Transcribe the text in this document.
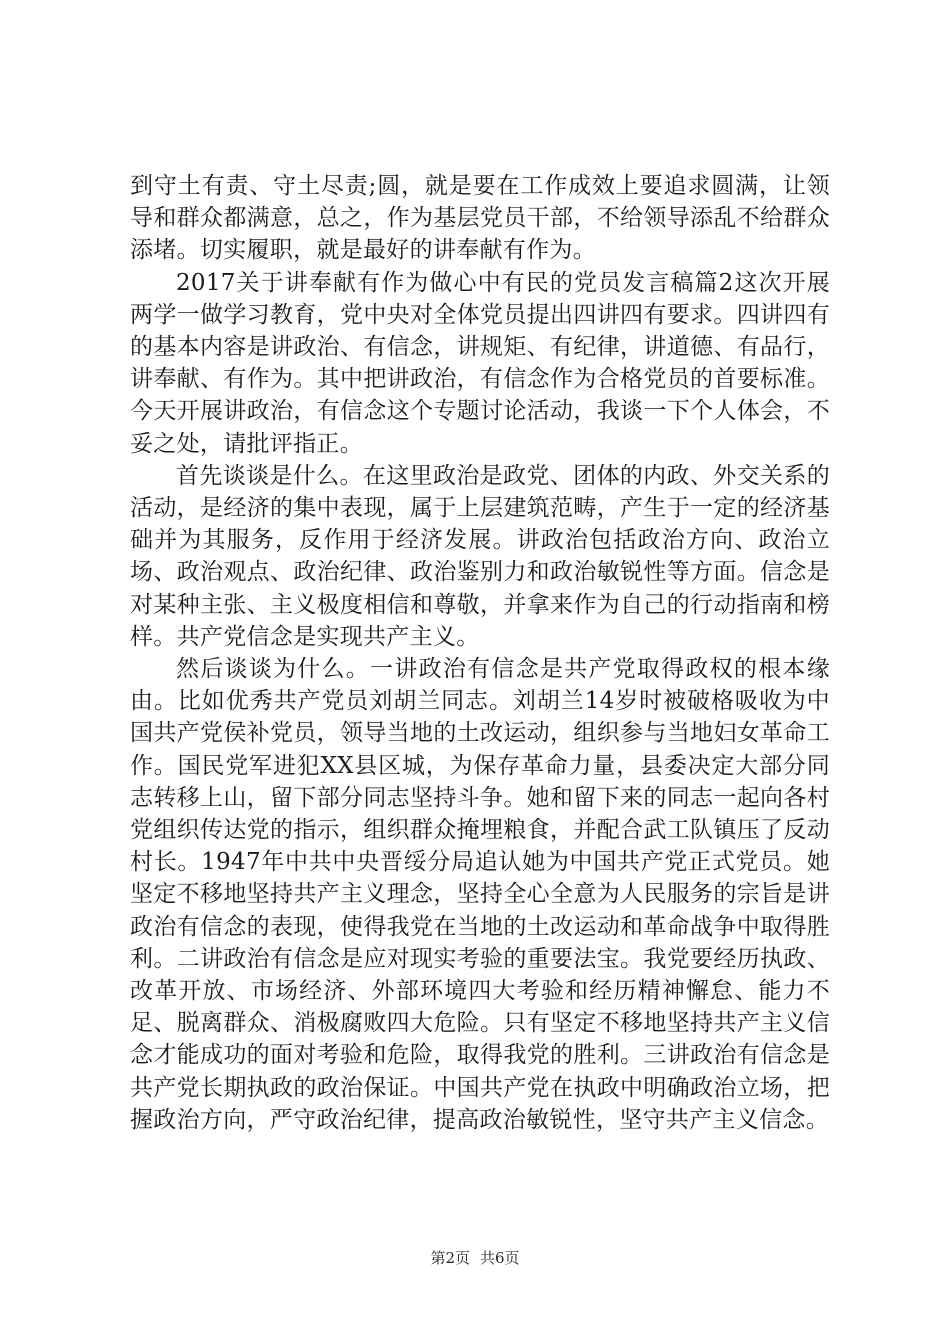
到守土有责、守土尽责;圆，就是要在工作成效上要追求圆满，让领导和群众都满意，总之，作为基层党员干部，不给领导添乱不给群众添堵。切实履职，就是最好的讲奉献有作为。

2017关于讲奉献有作为做心中有民的党员发言稿篇2这次开展两学一做学习教育，党中央对全体党员提出四讲四有要求。四讲四有的基本内容是讲政治、有信念，讲规矩、有纪律，讲道德、有品行，讲奉献、有作为。其中把讲政治，有信念作为合格党员的首要标准。今天开展讲政治，有信念这个专题讨论活动，我谈一下个人体会，不妥之处，请批评指正。

首先谈谈是什么。在这里政治是政党、团体的内政、外交关系的活动，是经济的集中表现，属于上层建筑范畴，产生于一定的经济基础并为其服务，反作用于经济发展。讲政治包括政治方向、政治立场、政治观点、政治纪律、政治鉴别力和政治敏锐性等方面。信念是对某种主张、主义极度相信和尊敬，并拿来作为自己的行动指南和榜样。共产党信念是实现共产主义。

然后谈谈为什么。一讲政治有信念是共产党取得政权的根本缘由。比如优秀共产党员刘胡兰同志。刘胡兰14岁时被破格吸收为中国共产党侯补党员，领导当地的土改运动，组织参与当地妇女革命工作。国民党军进犯XX县区城，为保存革命力量，县委决定大部分同志转移上山，留下部分同志坚持斗争。她和留下来的同志一起向各村党组织传达党的指示，组织群众掩埋粮食，并配合武工队镇压了反动村长。1947年中共中央晋绥分局追认她为中国共产党正式党员。她坚定不移地坚持共产主义理念，坚持全心全意为人民服务的宗旨是讲政治有信念的表现，使得我党在当地的土改运动和革命战争中取得胜利。二讲政治有信念是应对现实考验的重要法宝。我党要经历执政、改革开放、市场经济、外部环境四大考验和经历精神懈怠、能力不足、脱离群众、消极腐败四大危险。只有坚定不移地坚持共产主义信念才能成功的面对考验和危险，取得我党的胜利。三讲政治有信念是共产党长期执政的政治保证。中国共产党在执政中明确政治立场，把握政治方向，严守政治纪律，提高政治敏锐性，坚守共产主义信念。

第2页 共6页
